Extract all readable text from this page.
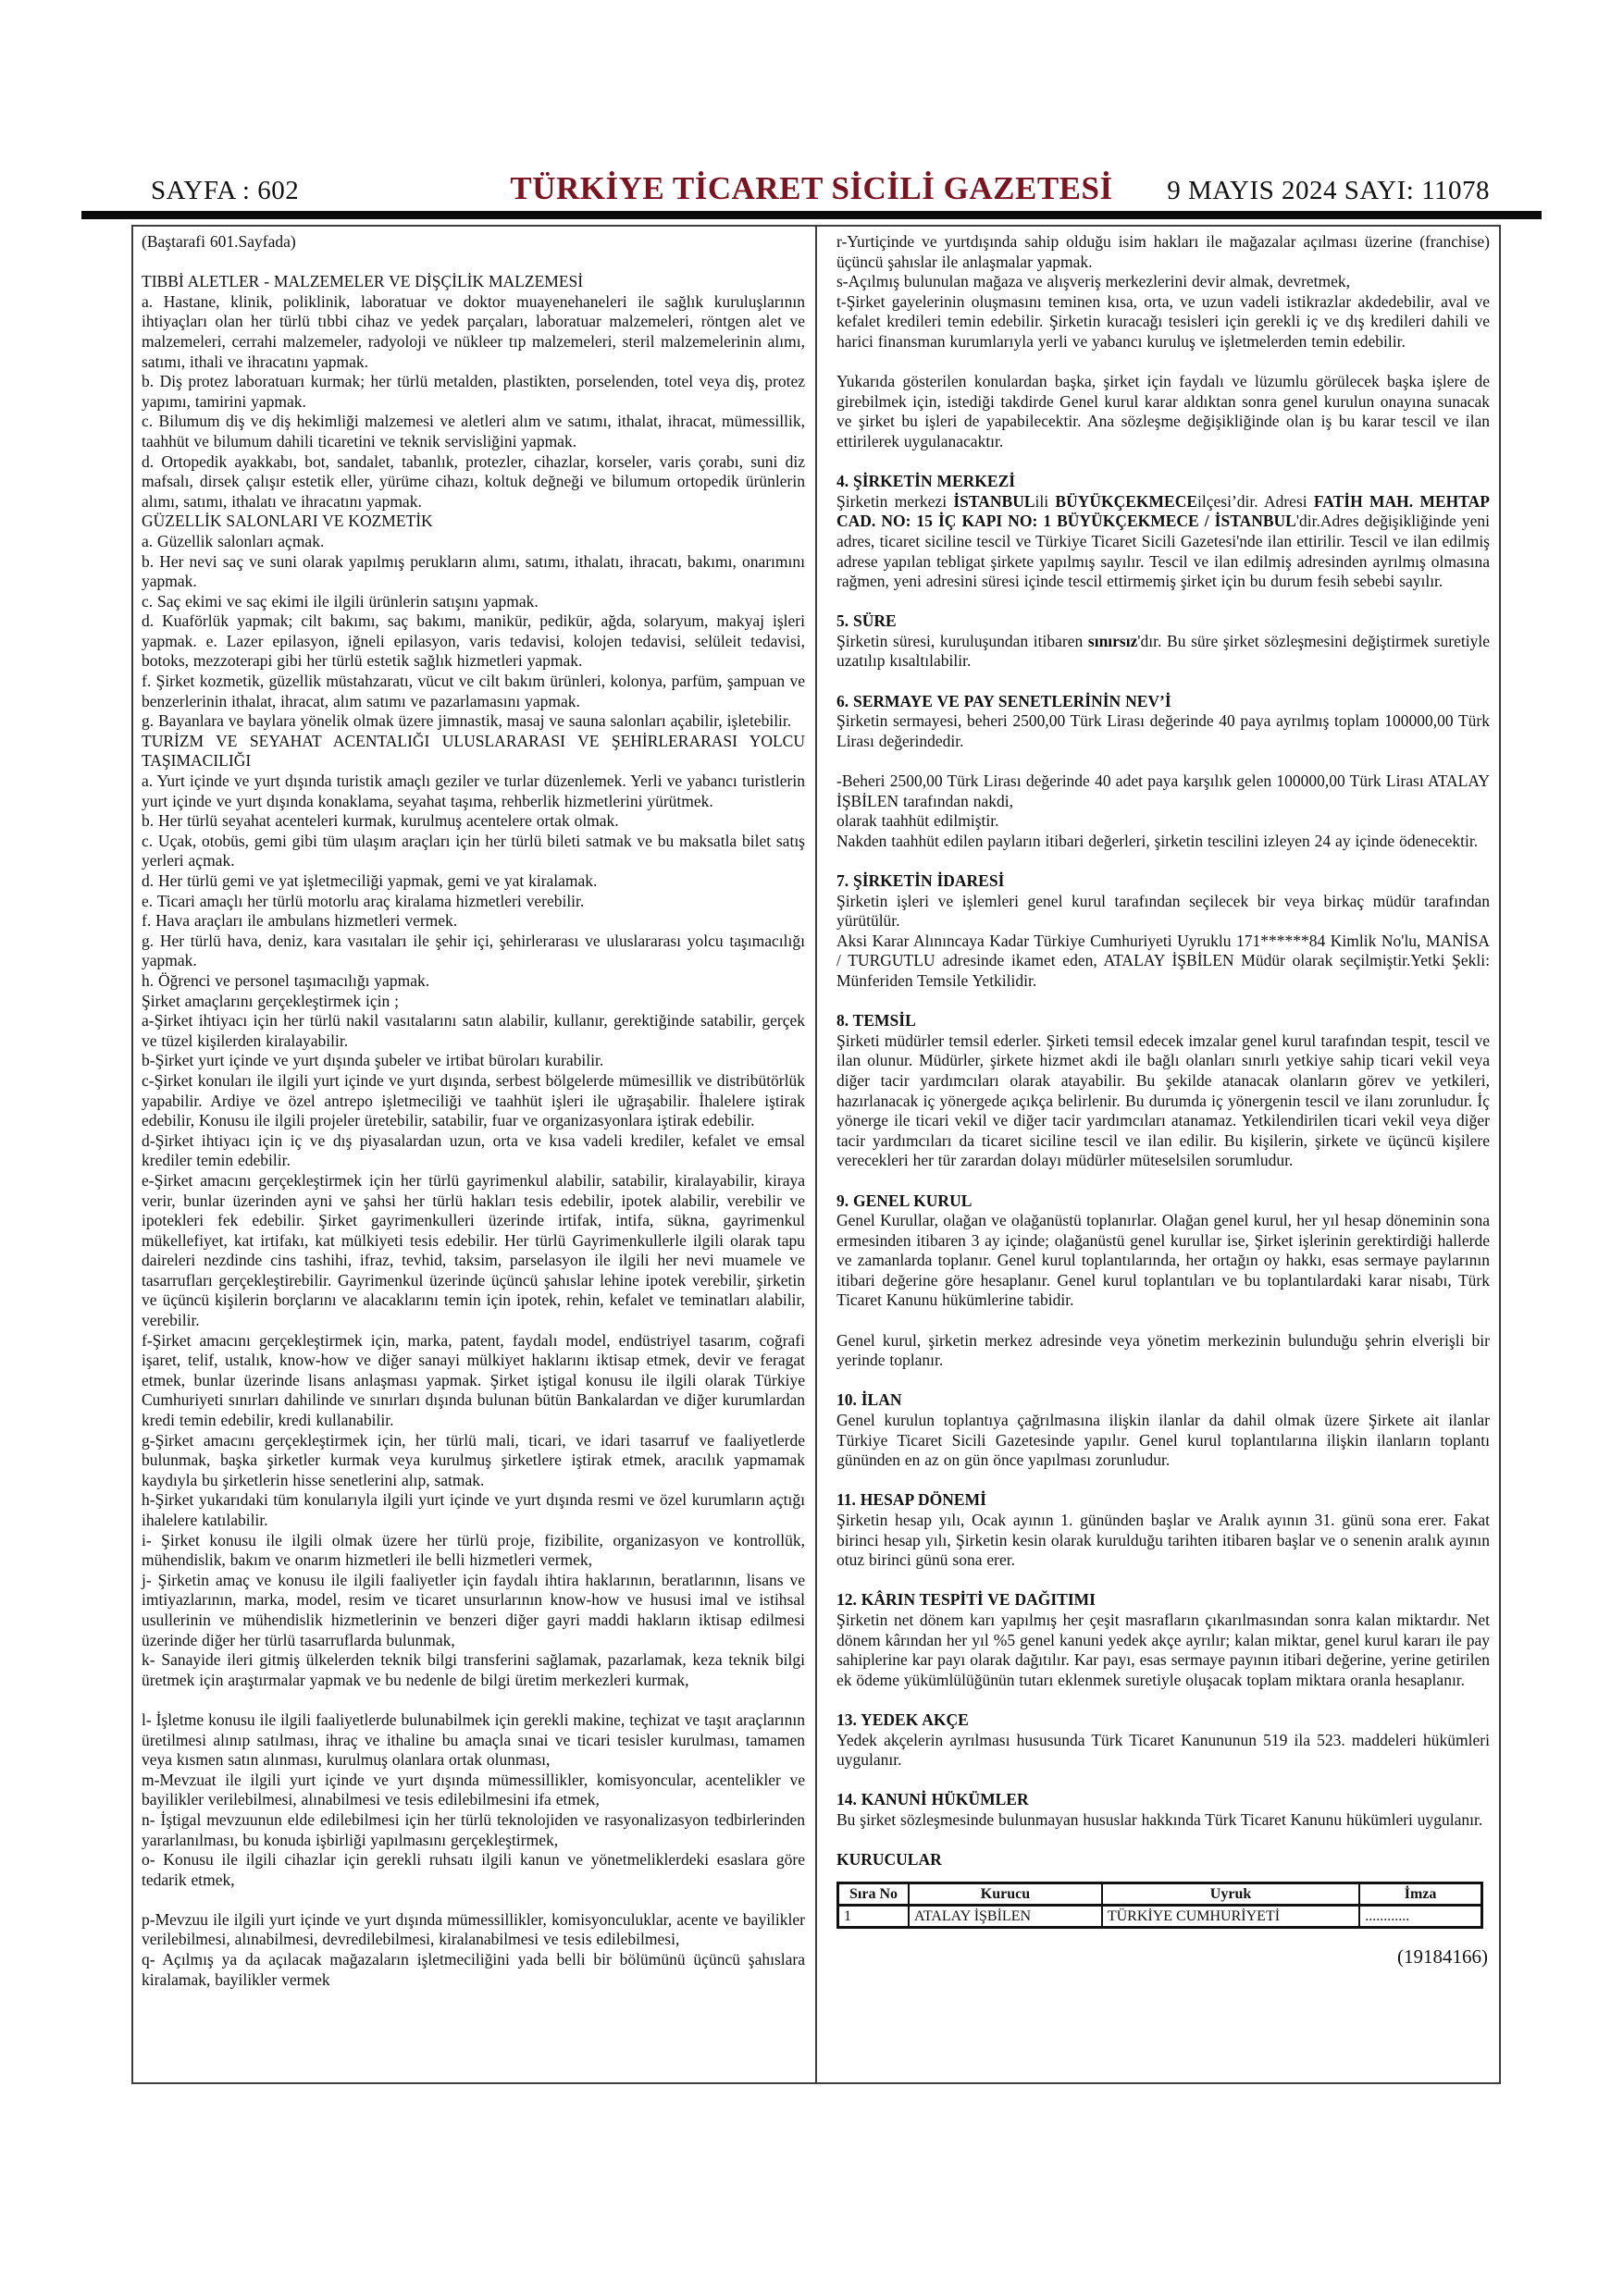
SAYFA : 602	TÜRKİYE TİCARET SİCİLİ GAZETESİ	9 MAYIS 2024 SAYI: 11078
(Baştarafi 601.Sayfada)
TIBBİ ALETLER - MALZEMELER VE DİŞÇİLİK MALZEMESİ
a. Hastane, klinik, poliklinik, laboratuar ve doktor muayenehaneleri ile sağlık kuruluşlarının ihtiyaçları olan her türlü tıbbi cihaz ve yedek parçaları, laboratuar malzemeleri, röntgen alet ve malzemeleri, cerrahi malzemeler, radyoloji ve nükleer tıp malzemeleri, steril malzemelerinin alımı, satımı, ithali ve ihracatını yapmak.
b. Diş protez laboratuarı kurmak; her türlü metalden, plastikten, porselenden, totel veya diş, protez yapımı, tamirini yapmak.
c. Bilumum diş ve diş hekimliği malzemesi ve aletleri alım ve satımı, ithalat, ihracat, mümessillik, taahhüt ve bilumum dahili ticaretini ve teknik servisliğini yapmak.
d. Ortopedik ayakkabı, bot, sandalet, tabanlık, protezler, cihazlar, korseler, varis çorabı, suni diz mafsalı, dirsek çalışır estetik eller, yürüme cihazı, koltuk değneği ve bilumum ortopedik ürünlerin alımı, satımı, ithalatı ve ihracatını yapmak.
GÜZELLİK SALONLARI VE KOZMETİK
a. Güzellik salonları açmak.
b. Her nevi saç ve suni olarak yapılmış perukların alımı, satımı, ithalatı, ihracatı, bakımı, onarımını yapmak.
c. Saç ekimi ve saç ekimi ile ilgili ürünlerin satışını yapmak.
d. Kuaförlük yapmak; cilt bakımı, saç bakımı, manikür, pedikür, ağda, solaryum, makyaj işleri yapmak. e. Lazer epilasyon, iğneli epilasyon, varis tedavisi, kolojen tedavisi, selüleit tedavisi, botoks, mezzoterapi gibi her türlü estetik sağlık hizmetleri yapmak.
f. Şirket kozmetik, güzellik müstahzaratı, vücut ve cilt bakım ürünleri, kolonya, parfüm, şampuan ve benzerlerinin ithalat, ihracat, alım satımı ve pazarlamasını yapmak.
g. Bayanlara ve baylara yönelik olmak üzere jimnastik, masaj ve sauna salonları açabilir, işletebilir.
TURİZM VE SEYAHAT ACENTALIĞI ULUSLARARASI VE ŞEHİRLERARASI YOLCU TAŞIMACILIĞI
a. Yurt içinde ve yurt dışında turistik amaçlı geziler ve turlar düzenlemek. Yerli ve yabancı turistlerin yurt içinde ve yurt dışında konaklama, seyahat taşıma, rehberlik hizmetlerini yürütmek.
b. Her türlü seyahat acenteleri kurmak, kurulmuş acentelere ortak olmak.
c. Uçak, otobüs, gemi gibi tüm ulaşım araçları için her türlü bileti satmak ve bu maksatla bilet satış yerleri açmak.
d. Her türlü gemi ve yat işletmeciliği yapmak, gemi ve yat kiralamak.
e. Ticari amaçlı her türlü motorlu araç kiralama hizmetleri verebilir.
f. Hava araçları ile ambulans hizmetleri vermek.
g. Her türlü hava, deniz, kara vasıtaları ile şehir içi, şehirlerarası ve uluslararası yolcu taşımacılığı yapmak.
h. Öğrenci ve personel taşımacılığı yapmak.
Şirket amaçlarını gerçekleştirmek için ;
a-Şirket ihtiyacı için her türlü nakil vasıtalarını satın alabilir, kullanır, gerektiğinde satabilir, gerçek ve tüzel kişilerden kiralayabilir.
b-Şirket yurt içinde ve yurt dışında şubeler ve irtibat büroları kurabilir.
c-Şirket konuları ile ilgili yurt içinde ve yurt dışında, serbest bölgelerde mümesillik ve distribütörlük yapabilir. Ardiye ve özel antrepo işletmeciliği ve taahhüt işleri ile uğraşabilir. İhalelere iştirak edebilir, Konusu ile ilgili projeler üretebilir, satabilir, fuar ve organizasyonlara iştirak edebilir.
d-Şirket ihtiyacı için iç ve dış piyasalardan uzun, orta ve kısa vadeli krediler, kefalet ve emsal krediler temin edebilir.
e-Şirket amacını gerçekleştirmek için her türlü gayrimenkul alabilir, satabilir, kiralayabilir, kiraya verir, bunlar üzerinden ayni ve şahsi her türlü hakları tesis edebilir, ipotek alabilir, verebilir ve ipotekleri fek edebilir. Şirket gayrimenkulleri üzerinde irtifak, intifa, sükna, gayrimenkul mükellefiyet, kat irtifakı, kat mülkiyeti tesis edebilir. Her türlü Gayrimenkullerle ilgili olarak tapu daireleri nezdinde cins tashihi, ifraz, tevhid, taksim, parselasyon ile ilgili her nevi muamele ve tasarrufları gerçekleştirebilir. Gayrimenkul üzerinde üçüncü şahıslar lehine ipotek verebilir, şirketin ve üçüncü kişilerin borçlarını ve alacaklarını temin için ipotek, rehin, kefalet ve teminatları alabilir, verebilir.
f-Şirket amacını gerçekleştirmek için, marka, patent, faydalı model, endüstriyel tasarım, coğrafi işaret, telif, ustalık, know-how ve diğer sanayi mülkiyet haklarını iktisap etmek, devir ve feragat etmek, bunlar üzerinde lisans anlaşması yapmak. Şirket iştigal konusu ile ilgili olarak Türkiye Cumhuriyeti sınırları dahilinde ve sınırları dışında bulunan bütün Bankalardan ve diğer kurumlardan kredi temin edebilir, kredi kullanabilir.
g-Şirket amacını gerçekleştirmek için, her türlü mali, ticari, ve idari tasarruf ve faaliyetlerde bulunmak, başka şirketler kurmak veya kurulmuş şirketlere iştirak etmek, aracılık yapmamak kaydıyla bu şirketlerin hisse senetlerini alıp, satmak.
h-Şirket yukarıdaki tüm konularıyla ilgili yurt içinde ve yurt dışında resmi ve özel kurumların açtığı ihalelere katılabilir.
i- Şirket konusu ile ilgili olmak üzere her türlü proje, fizibilite, organizasyon ve kontrollük, mühendislik, bakım ve onarım hizmetleri ile belli hizmetleri vermek,
j- Şirketin amaç ve konusu ile ilgili faaliyetler için faydalı ihtira haklarının, beratlarının, lisans ve imtiyazlarının, marka, model, resim ve ticaret unsurlarının know-how ve hususi imal ve istihsal usullerinin ve mühendislik hizmetlerinin ve benzeri diğer gayri maddi hakların iktisap edilmesi üzerinde diğer her türlü tasarruflarda bulunmak,
k- Sanayide ileri gitmiş ülkelerden teknik bilgi transferini sağlamak, pazarlamak, keza teknik bilgi üretmek için araştırmalar yapmak ve bu nedenle de bilgi üretim merkezleri kurmak,
l- İşletme konusu ile ilgili faaliyetlerde bulunabilmek için gerekli makine, teçhizat ve taşıt araçlarının üretilmesi alınıp satılması, ihraç ve ithaline bu amaçla sınai ve ticari tesisler kurulması, tamamen veya kısmen satın alınması, kurulmuş olanlara ortak olunması,
m-Mevzuat ile ilgili yurt içinde ve yurt dışında mümessillikler, komisyoncular, acentelikler ve bayilikler verilebilmesi, alınabilmesi ve tesis edilebilmesini ifa etmek,
n- İştigal mevzuunun elde edilebilmesi için her türlü teknolojiden ve rasyonalizasyon tedbirlerinden yararlanılması, bu konuda işbirliği yapılmasını gerçekleştirmek,
o- Konusu ile ilgili cihazlar için gerekli ruhsatı ilgili kanun ve yönetmeliklerdeki esaslara göre tedarik etmek,
p-Mevzuu ile ilgili yurt içinde ve yurt dışında mümessillikler, komisyonculuklar, acente ve bayilikler verilebilmesi, alınabilmesi, devredilebilmesi, kiralanabilmesi ve tesis edilebilmesi,
q- Açılmış ya da açılacak mağazaların işletmeciliğini yada belli bir bölümünü üçüncü şahıslara kiralamak, bayilikler vermek
r-Yurtiçinde ve yurtdışında sahip olduğu isim hakları ile mağazalar açılması üzerine (franchise) üçüncü şahıslar ile anlaşmalar yapmak.
s-Açılmış bulunulan mağaza ve alışveriş merkezlerini devir almak, devretmek,
t-Şirket gayelerinin oluşmasını teminen kısa, orta, ve uzun vadeli istikrazlar akdedebilir, aval ve kefalet kredileri temin edebilir. Şirketin kuracağı tesisleri için gerekli iç ve dış kredileri dahili ve harici finansman kurumlarıyla yerli ve yabancı kuruluş ve işletmelerden temin edebilir.
Yukarıda gösterilen konulardan başka, şirket için faydalı ve lüzumlu görülecek başka işlere de girebilmek için, istediği takdirde Genel kurul karar aldıktan sonra genel kurulun onayına sunacak ve şirket bu işleri de yapabilecektir. Ana sözleşme değişikliğinde olan iş bu karar tescil ve ilan ettirilerek uygulanacaktır.
4. ŞİRKETİN MERKEZİ
Şirketin merkezi İSTANBULili BÜYÜKÇEKMECEilçesi’dir. Adresi FATİH MAH. MEHTAP CAD. NO: 15 İÇ KAPI NO: 1 BÜYÜKÇEKMECE / İSTANBUL'dir.Adres değişikliğinde yeni adres, ticaret siciline tescil ve Türkiye Ticaret Sicili Gazetesi'nde ilan ettirilir. Tescil ve ilan edilmiş adrese yapılan tebligat şirkete yapılmış sayılır. Tescil ve ilan edilmiş adresinden ayrılmış olmasına rağmen, yeni adresini süresi içinde tescil ettirmemiş şirket için bu durum fesih sebebi sayılır.
5. SÜRE
Şirketin süresi, kuruluşundan itibaren sınırsız'dır. Bu süre şirket sözleşmesini değiştirmek suretiyle uzatılıp kısaltılabilir.
6. SERMAYE VE PAY SENETLERİNİN NEV’İ
Şirketin sermayesi, beheri 2500,00 Türk Lirası değerinde 40 paya ayrılmış toplam 100000,00 Türk Lirası değerindedir.
-Beheri 2500,00 Türk Lirası değerinde 40 adet paya karşılık gelen 100000,00 Türk Lirası ATALAY İŞBİLEN tarafından nakdi,
olarak taahhüt edilmiştir.
Nakden taahhüt edilen payların itibari değerleri, şirketin tescilini izleyen 24 ay içinde ödenecektir.
7. ŞİRKETİN İDARESİ
Şirketin işleri ve işlemleri genel kurul tarafından seçilecek bir veya birkaç müdür tarafından yürütülür.
Aksi Karar Alınıncaya Kadar Türkiye Cumhuriyeti Uyruklu 171******84 Kimlik No'lu, MANİSA / TURGUTLU adresinde ikamet eden, ATALAY İŞBİLEN Müdür olarak seçilmiştir.Yetki Şekli: Münferiden Temsile Yetkilidir.
8. TEMSİL
Şirketi müdürler temsil ederler. Şirketi temsil edecek imzalar genel kurul tarafından tespit, tescil ve ilan olunur. Müdürler, şirkete hizmet akdi ile bağlı olanları sınırlı yetkiye sahip ticari vekil veya diğer tacir yardımcıları olarak atayabilir. Bu şekilde atanacak olanların görev ve yetkileri, hazırlanacak iç yönergede açıkça belirlenir. Bu durumda iç yönergenin tescil ve ilanı zorunludur. İç yönerge ile ticari vekil ve diğer tacir yardımcıları atanamaz. Yetkilendirilen ticari vekil veya diğer tacir yardımcıları da ticaret siciline tescil ve ilan edilir. Bu kişilerin, şirkete ve üçüncü kişilere verecekleri her tür zarardan dolayı müdürler müteselsilen sorumludur.
9. GENEL KURUL
Genel Kurullar, olağan ve olağanüstü toplanırlar. Olağan genel kurul, her yıl hesap döneminin sona ermesinden itibaren 3 ay içinde; olağanüstü genel kurullar ise, Şirket işlerinin gerektirdiği hallerde ve zamanlarda toplanır. Genel kurul toplantılarında, her ortağın oy hakkı, esas sermaye paylarının itibari değerine göre hesaplanır. Genel kurul toplantıları ve bu toplantılardaki karar nisabı, Türk Ticaret Kanunu hükümlerine tabidir.
Genel kurul, şirketin merkez adresinde veya yönetim merkezinin bulunduğu şehrin elverişli bir yerinde toplanır.
10. İLAN
Genel kurulun toplantıya çağrılmasına ilişkin ilanlar da dahil olmak üzere Şirkete ait ilanlar Türkiye Ticaret Sicili Gazetesinde yapılır. Genel kurul toplantılarına ilişkin ilanların toplantı gününden en az on gün önce yapılması zorunludur.
11. HESAP DÖNEMİ
Şirketin hesap yılı, Ocak ayının 1. gününden başlar ve Aralık ayının 31. günü sona erer. Fakat birinci hesap yılı, Şirketin kesin olarak kurulduğu tarihten itibaren başlar ve o senenin aralık ayının otuz birinci günü sona erer.
12. KÂRIN TESPİTİ VE DAĞITIMI
Şirketin net dönem karı yapılmış her çeşit masrafların çıkarılmasından sonra kalan miktardır. Net dönem kârından her yıl %5 genel kanuni yedek akçe ayrılır; kalan miktar, genel kurul kararı ile pay sahiplerine kar payı olarak dağıtılır. Kar payı, esas sermaye payının itibari değerine, yerine getirilen ek ödeme yükümlülüğünün tutarı eklenmek suretiyle oluşacak toplam miktara oranla hesaplanır.
13. YEDEK AKÇE
Yedek akçelerin ayrılması hususunda Türk Ticaret Kanununun 519 ila 523. maddeleri hükümleri uygulanır.
14. KANUNİ HÜKÜMLER
Bu şirket sözleşmesinde bulunmayan hususlar hakkında Türk Ticaret Kanunu hükümleri uygulanır.
KURUCULAR
Sıra No	Kurucu	Uyruk	İmza
1	ATALAY İŞBİLEN	TÜRKİYE CUMHURİYETİ	............
(19184166)
